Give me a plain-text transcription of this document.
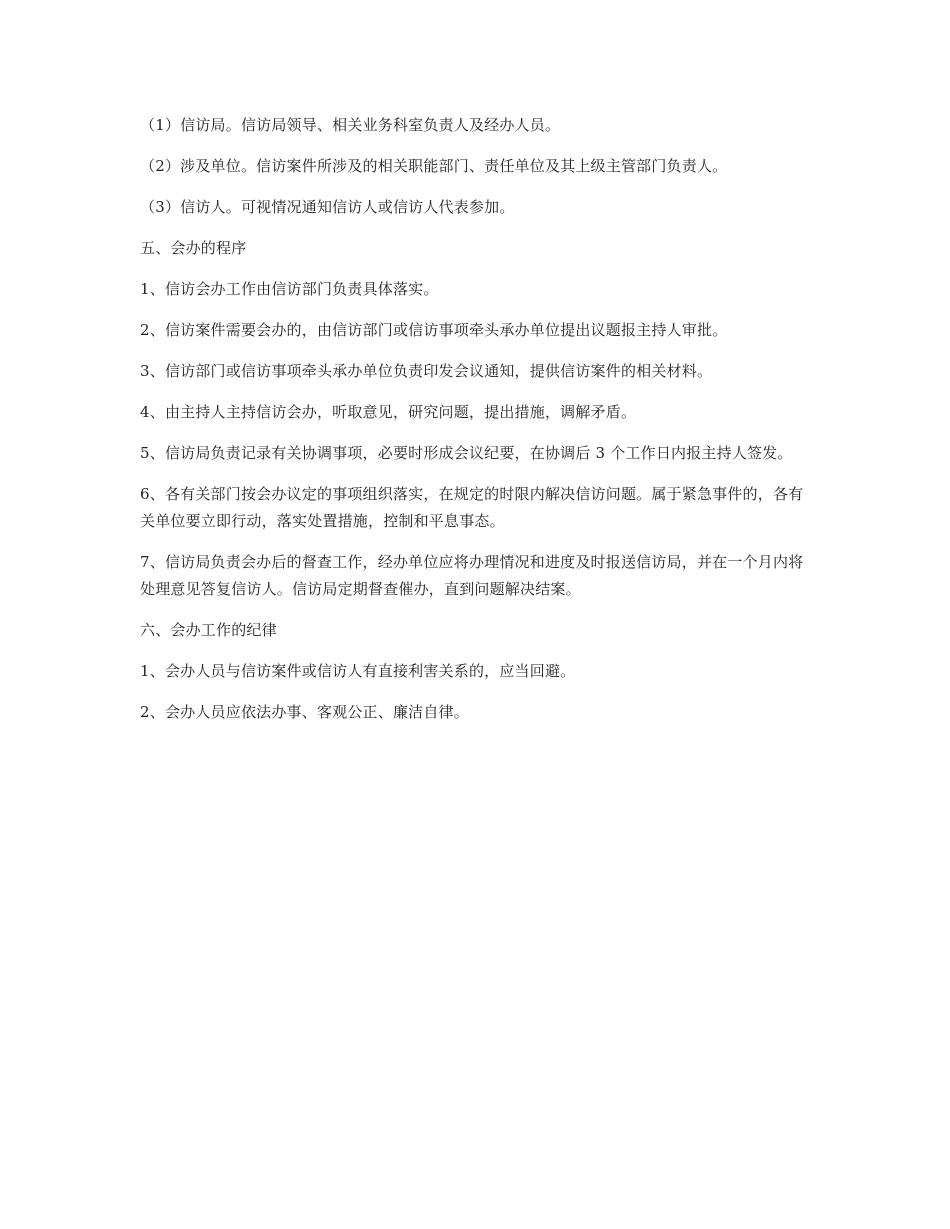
（1）信访局。信访局领导、相关业务科室负责人及经办人员。

（2）涉及单位。信访案件所涉及的相关职能部门、责任单位及其上级主管部门负责人。

（3）信访人。可视情况通知信访人或信访人代表参加。

五、会办的程序

1、信访会办工作由信访部门负责具体落实。

2、信访案件需要会办的，由信访部门或信访事项牵头承办单位提出议题报主持人审批。

3、信访部门或信访事项牵头承办单位负责印发会议通知，提供信访案件的相关材料。

4、由主持人主持信访会办，听取意见，研究问题，提出措施，调解矛盾。

5、信访局负责记录有关协调事项，必要时形成会议纪要，在协调后 3 个工作日内报主持人签发。

6、各有关部门按会办议定的事项组织落实，在规定的时限内解决信访问题。属于紧急事件的，各有关单位要立即行动，落实处置措施，控制和平息事态。

7、信访局负责会办后的督查工作，经办单位应将办理情况和进度及时报送信访局，并在一个月内将处理意见答复信访人。信访局定期督查催办，直到问题解决结案。

六、会办工作的纪律

1、会办人员与信访案件或信访人有直接利害关系的，应当回避。

2、会办人员应依法办事、客观公正、廉洁自律。
